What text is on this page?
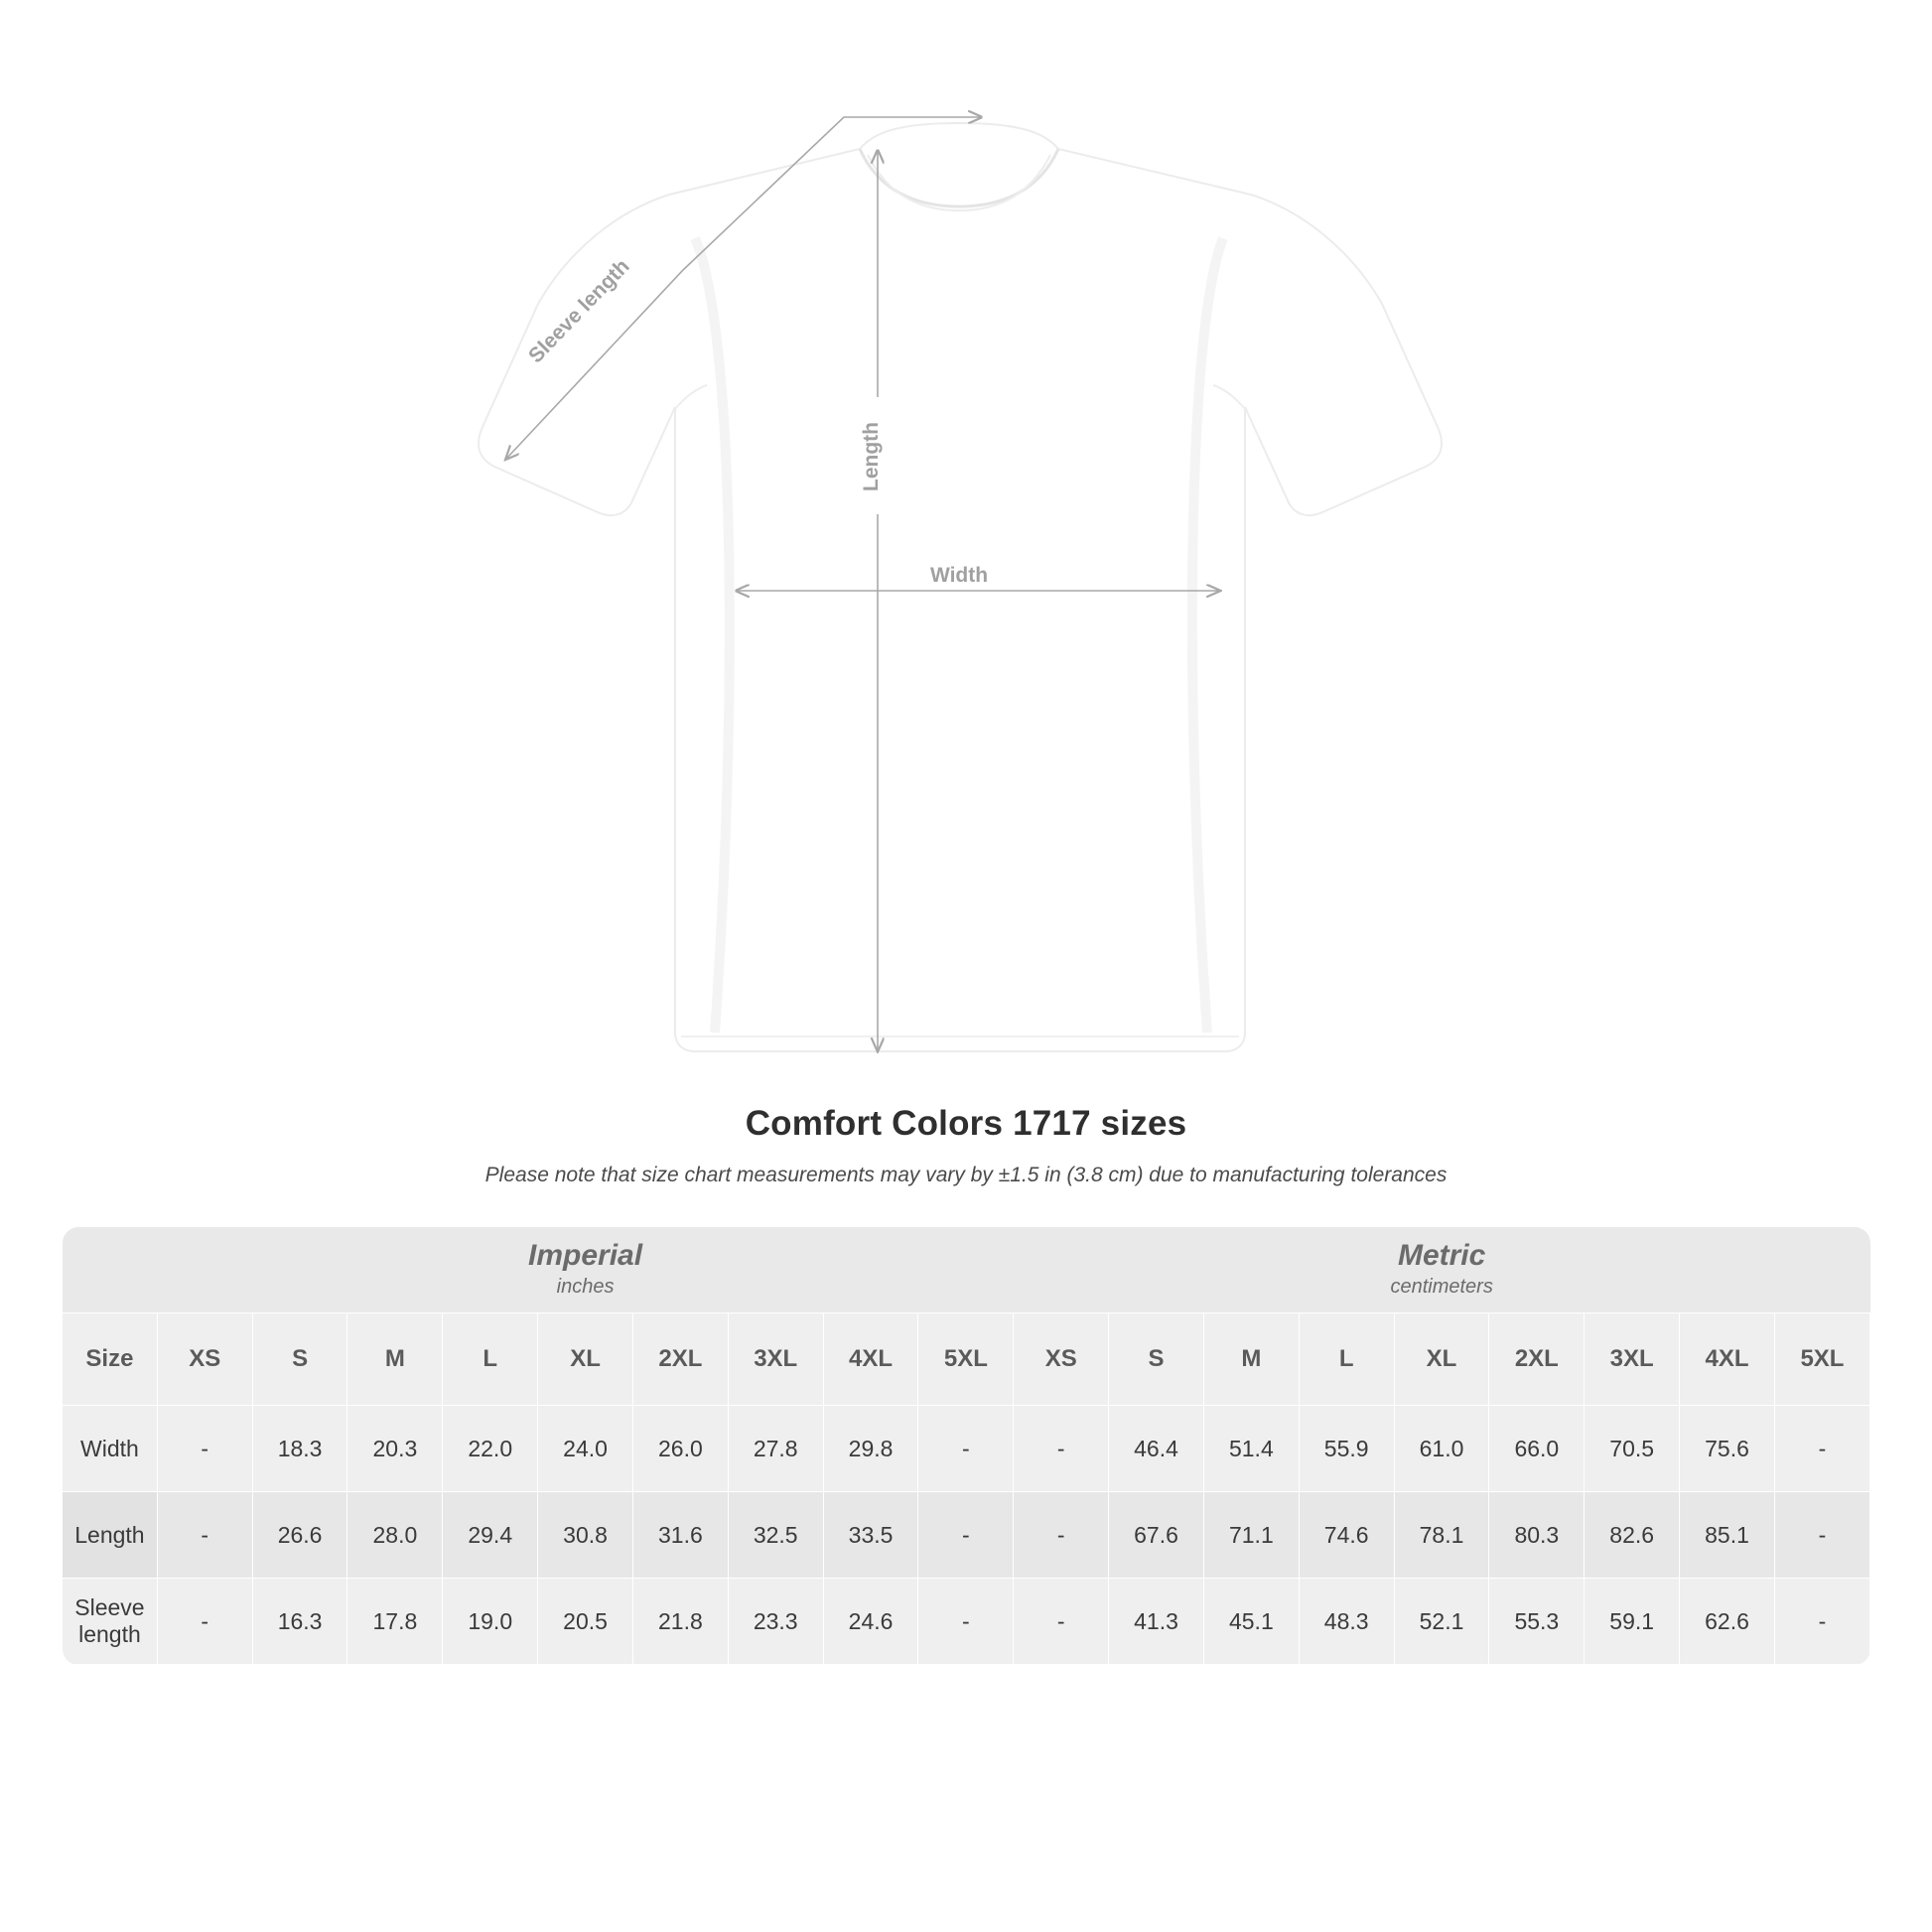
Length
Width
Sleeve length
Comfort Colors 1717 sizes
Please note that size chart measurements may vary by ±1.5 in (3.8 cm) due to manufacturing tolerances

Imperial
inches

Metric
centimeters

Size	XS	S	M	L	XL	2XL	3XL	4XL	5XL	XS	S	M	L	XL	2XL	3XL	4XL	5XL
Width	-	18.3	20.3	22.0	24.0	26.0	27.8	29.8	-	-	46.4	51.4	55.9	61.0	66.0	70.5	75.6	-
Length	-	26.6	28.0	29.4	30.8	31.6	32.5	33.5	-	-	67.6	71.1	74.6	78.1	80.3	82.6	85.1	-
Sleeve length	-	16.3	17.8	19.0	20.5	21.8	23.3	24.6	-	-	41.3	45.1	48.3	52.1	55.3	59.1	62.6	-
